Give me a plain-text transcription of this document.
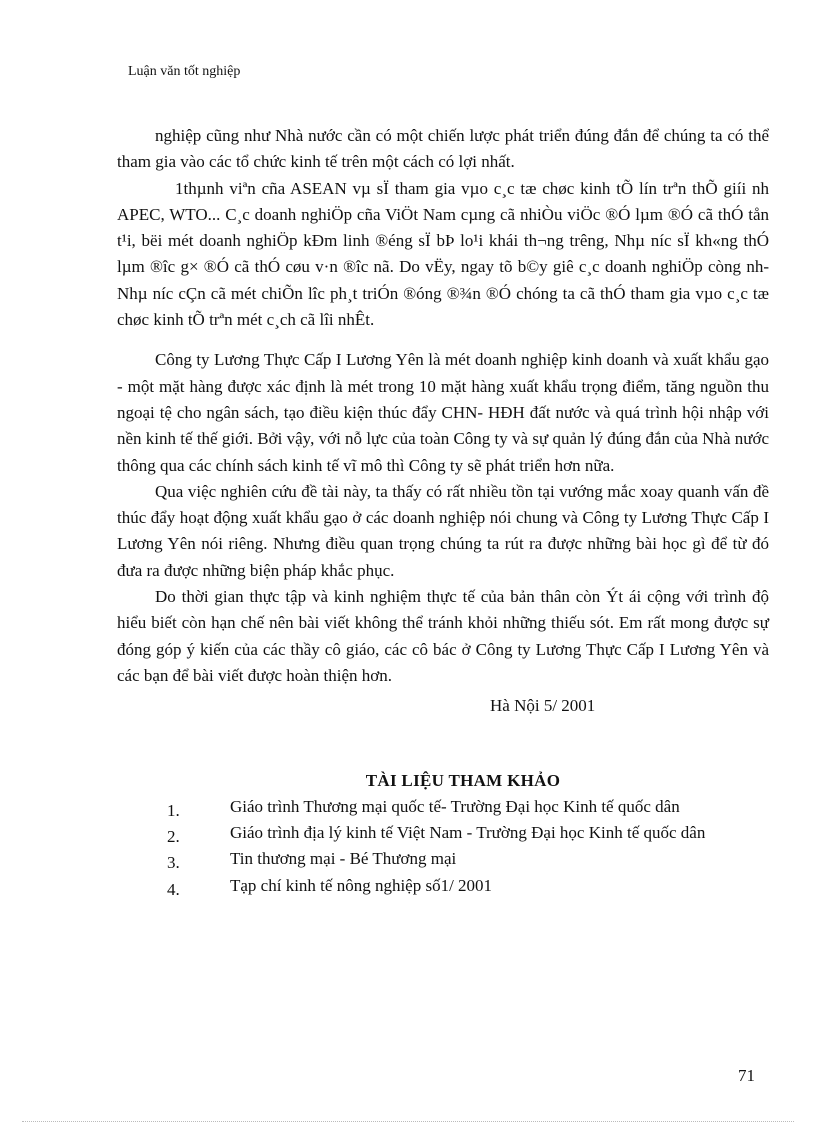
Luận văn tốt nghiệp

nghiệp cũng như Nhà nước cần có một chiến lược phát triển đúng đắn để chúng ta có thể tham gia vào các tổ chức kinh tế trên một cách có lợi nhất.

1thµnh viªn cña ASEAN vµ sÏ tham gia vµo c¸c tæ chøc kinh tÕ lín trªn thÕ giíi nh APEC, WTO... C¸c doanh nghiÖp cña ViÖt Nam cµng cã nhiÒu viÖc ®Ó lµm ®Ó cã thÓ tån t¹i, bëi mét doanh nghiÖp kÐm linh ®éng sÏ bÞ lo¹i khái th¬ng trêng, Nhµ níc sÏ kh«ng thÓ lµm ®îc g× ®Ó cã thÓ cøu v·n ®îc nã. Do vËy, ngay tõ b©y giê c¸c doanh nghiÖp còng nh Nhµ níc cÇn cã mét chiÕn lîc ph¸t triÓn ®óng ®¾n ®Ó chóng ta cã thÓ tham gia vµo c¸c tæ chøc kinh tÕ trªn mét c¸ch cã lîi nhÊt.

Công ty Lương Thực Cấp I Lương Yên là mét doanh nghiệp kinh doanh và xuất khẩu gạo - một mặt hàng được xác định là mét trong 10 mặt hàng xuất khẩu trọng điểm, tăng nguồn thu ngoại tệ cho ngân sách, tạo điều kiện thúc đẩy CHN- HĐH đất nước và quá trình hội nhập với nền kinh tế thế giới. Bởi vậy, với nỗ lực của toàn Công ty và sự quản lý đúng đắn của Nhà nước thông qua các chính sách kinh tế vĩ mô thì Công ty sẽ phát triển hơn nữa.

Qua việc nghiên cứu đề tài này, ta thấy có rất nhiều tồn tại vướng mắc xoay quanh vấn đề thúc đẩy hoạt động xuất khẩu gạo ở các doanh nghiệp nói chung và Công ty Lương Thực Cấp I Lương Yên nói riêng. Nhưng điều quan trọng chúng ta rút ra được những bài học gì để từ đó đưa ra được những biện pháp khắc phục.

Do thời gian thực tập và kinh nghiệm thực tế của bản thân còn Ýt ái cộng với trình độ hiểu biết còn hạn chế nên bài viết không thể tránh khỏi những thiếu sót. Em rất mong được sự đóng góp ý kiến của các thầy cô giáo, các cô bác ở Công ty Lương Thực Cấp I Lương Yên và các bạn để bài viết được hoàn thiện hơn.

Hà Nội 5/ 2001

TÀI LIỆU THAM KHẢO

1.	Giáo trình Thương mại quốc tế- Trường Đại học Kinh tế quốc dân

2.	Giáo trình địa lý kinh tế Việt Nam - Trường Đại học Kinh tế quốc dân

3.	Tin thương mại - Bé Thương mại

4.	Tạp chí kinh tế nông nghiệp số1/ 2001

71
